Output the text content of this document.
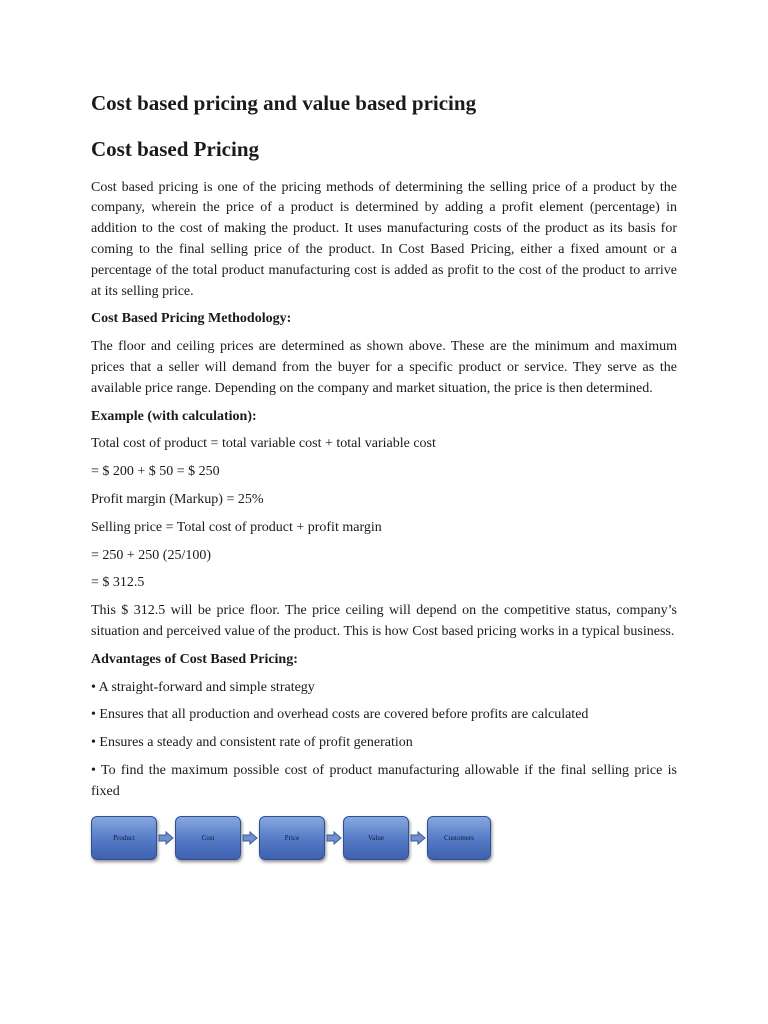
Cost based pricing and value based pricing
Cost based Pricing
Cost based pricing is one of the pricing methods of determining the selling price of a product by the company, wherein the price of a product is determined by adding a profit element (percentage) in addition to the cost of making the product. It uses manufacturing costs of the product as its basis for coming to the final selling price of the product. In Cost Based Pricing, either a fixed amount or a percentage of the total product manufacturing cost is added as profit to the cost of the product to arrive at its selling price.
Cost Based Pricing Methodology:
The floor and ceiling prices are determined as shown above. These are the minimum and maximum prices that a seller will demand from the buyer for a specific product or service. They serve as the available price range. Depending on the company and market situation, the price is then determined.
Example (with calculation):
Total cost of product = total variable cost + total variable cost
= $ 200 + $ 50 = $ 250
Profit margin (Markup) = 25%
Selling price = Total cost of product + profit margin
= 250 + 250 (25/100)
= $ 312.5
This $ 312.5 will be price floor. The price ceiling will depend on the competitive status, company’s situation and perceived value of the product. This is how Cost based pricing works in a typical business.
Advantages of Cost Based Pricing:
• A straight-forward and simple strategy
• Ensures that all production and overhead costs are covered before profits are calculated
• Ensures a steady and consistent rate of profit generation
• To find the maximum possible cost of product manufacturing allowable if the final selling price is fixed
Product	Cost	Price	Value	Customers
